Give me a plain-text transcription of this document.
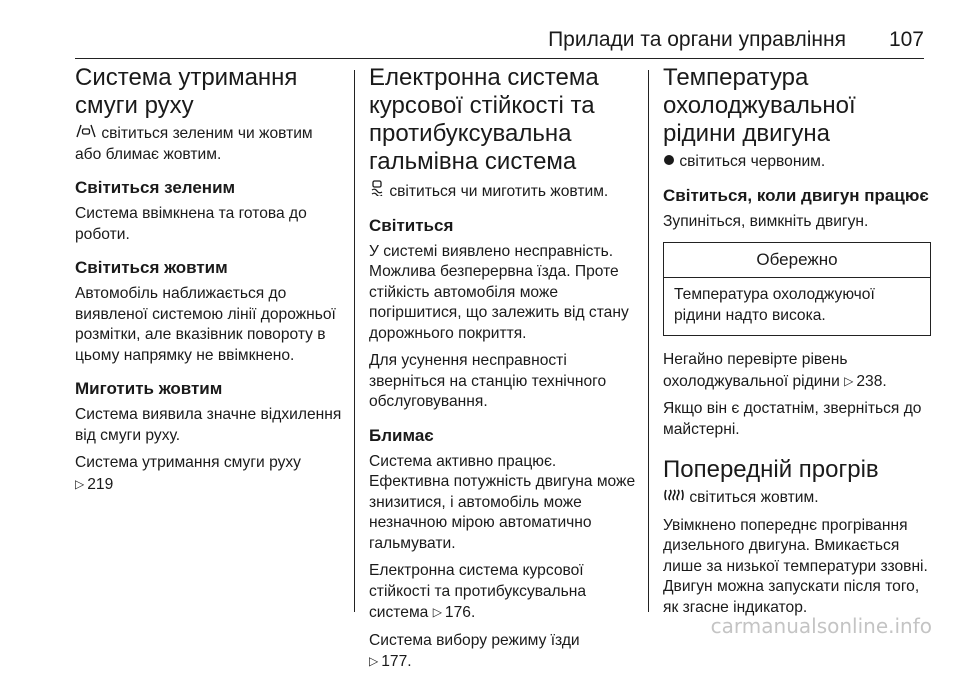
Прилади та органи управління 107
Система утримання смуги руху

світиться зеленим чи жовтим або блимає жовтим.

Світиться зеленим

Система ввімкнена та готова до роботи.

Світиться жовтим

Автомобіль наближається до виявленої системою лінії дорожньої розмітки, але вказівник повороту в цьому напрямку не ввімкнено.

Миготить жовтим

Система виявила значне відхилення від смуги руху.

Система утримання смуги руху
▷ 219

Електронна система курсової стійкості та протибуксувальна гальмівна система

світиться чи миготить жовтим.

Світиться

У системі виявлено несправність. Можлива безперервна їзда. Проте стійкість автомобіля може погіршитися, що залежить від стану дорожнього покриття.

Для усунення несправності зверніться на станцію технічного обслуговування.

Блимає

Система активно працює. Ефективна потужність двигуна може знизитися, і автомобіль може незначною мірою автоматично гальмувати.

Електронна система курсової стійкості та протибуксувальна система ▷ 176.

Система вибору режиму їзди
▷ 177.

Температура охолоджувальної рідини двигуна

світиться червоним.

Світиться, коли двигун працює

Зупиніться, вимкніть двигун.

Обережно
Температура охолоджуючої рідини надто висока.

Негайно перевірте рівень охолоджувальної рідини ▷ 238.

Якщо він є достатнім, зверніться до майстерні.

Попередній прогрів

світиться жовтим.

Увімкнено попереднє прогрівання дизельного двигуна. Вмикається лише за низької температури ззовні. Двигун можна запускати після того, як згасне індикатор.

carmanualsonline.info
